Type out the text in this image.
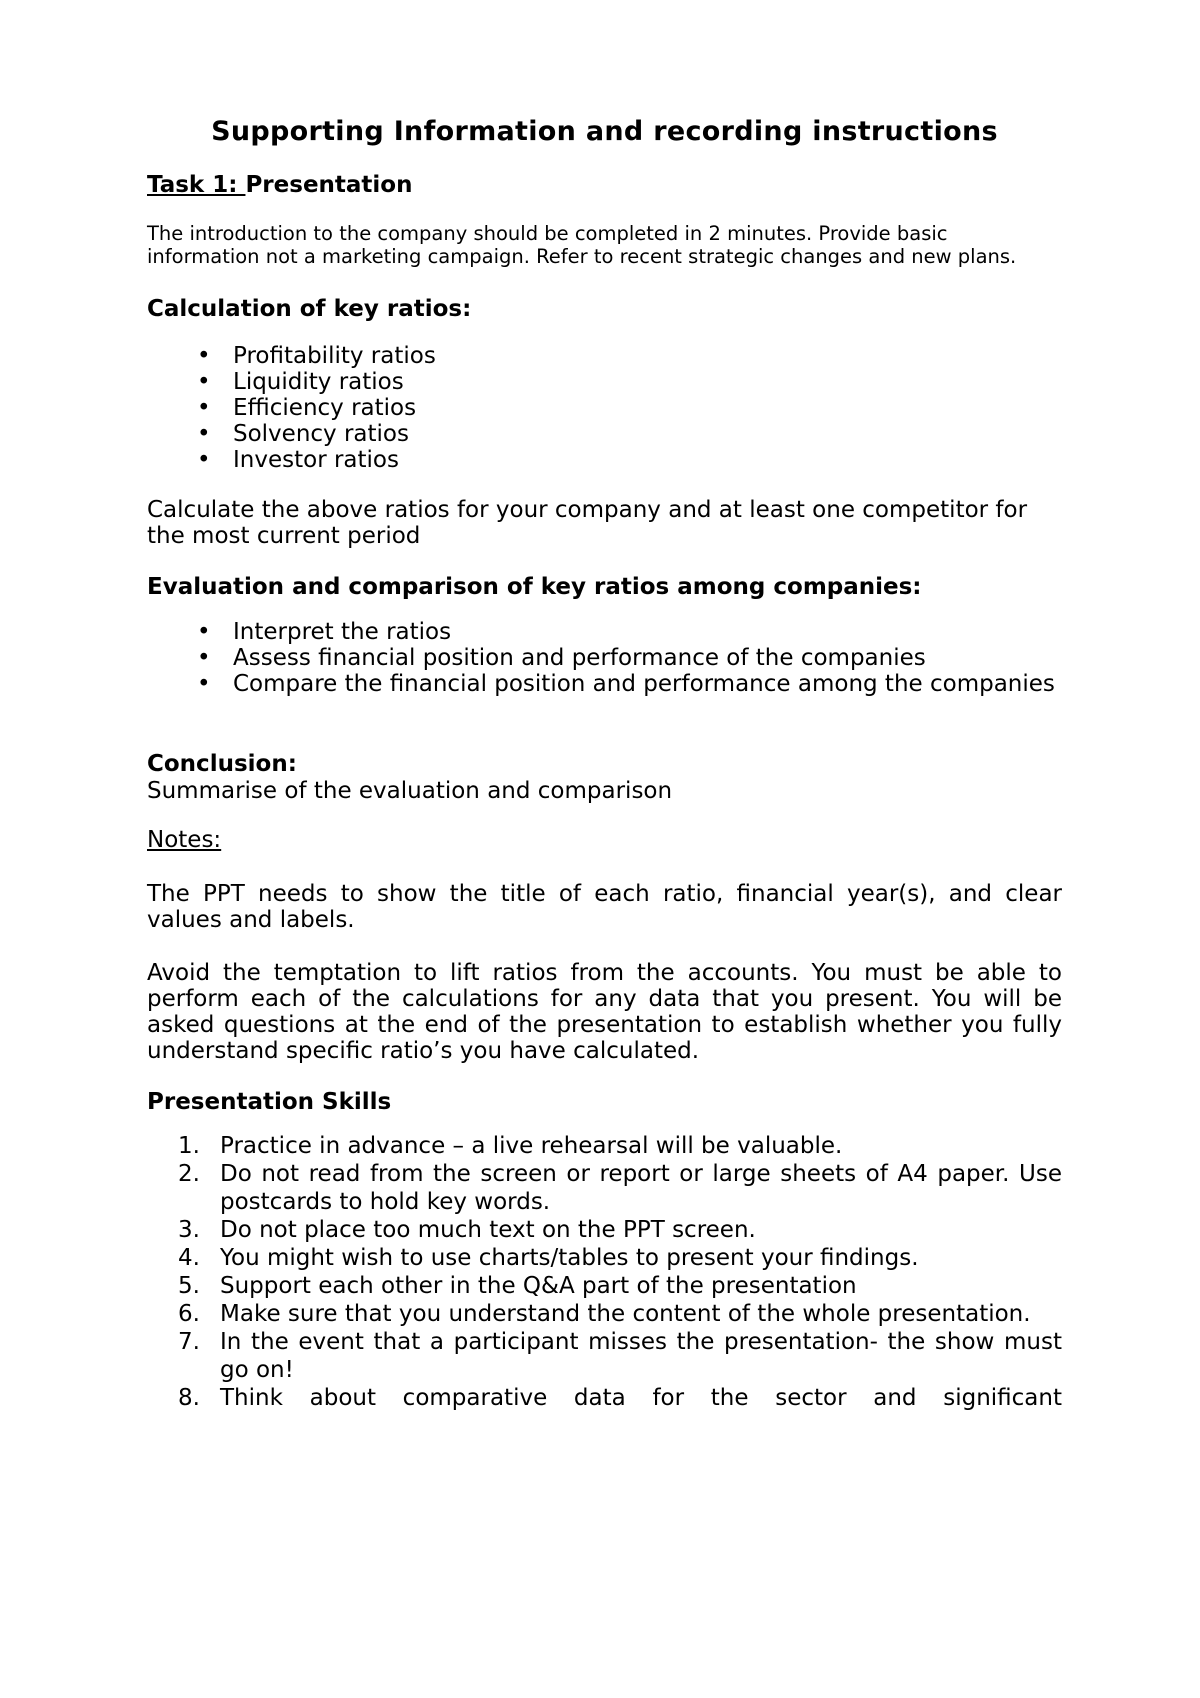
Supporting Information and recording instructions
Task 1: Presentation

The introduction to the company should be completed in 2 minutes. Provide basic information not a marketing campaign. Refer to recent strategic changes and new plans.

Calculation of key ratios:
• Profitability ratios
• Liquidity ratios
• Efficiency ratios
• Solvency ratios
• Investor ratios

Calculate the above ratios for your company and at least one competitor for the most current period

Evaluation and comparison of key ratios among companies:
• Interpret the ratios
• Assess financial position and performance of the companies
• Compare the financial position and performance among the companies
Conclusion:

Summarise of the evaluation and comparison

Notes:

The PPT needs to show the title of each ratio, financial year(s), and clear values and labels.

Avoid the temptation to lift ratios from the accounts. You must be able to perform each of the calculations for any data that you present. You will be asked questions at the end of the presentation to establish whether you fully understand specific ratio’s you have calculated.

Presentation Skills
1. Practice in advance – a live rehearsal will be valuable.
2. Do not read from the screen or report or large sheets of A4 paper. Use postcards to hold key words.
3. Do not place too much text on the PPT screen.
4. You might wish to use charts/tables to present your findings.
5. Support each other in the Q&A part of the presentation
6. Make sure that you understand the content of the whole presentation.
7. In the event that a participant misses the presentation- the show must go on!
8. Think about comparative data for the sector and significant
